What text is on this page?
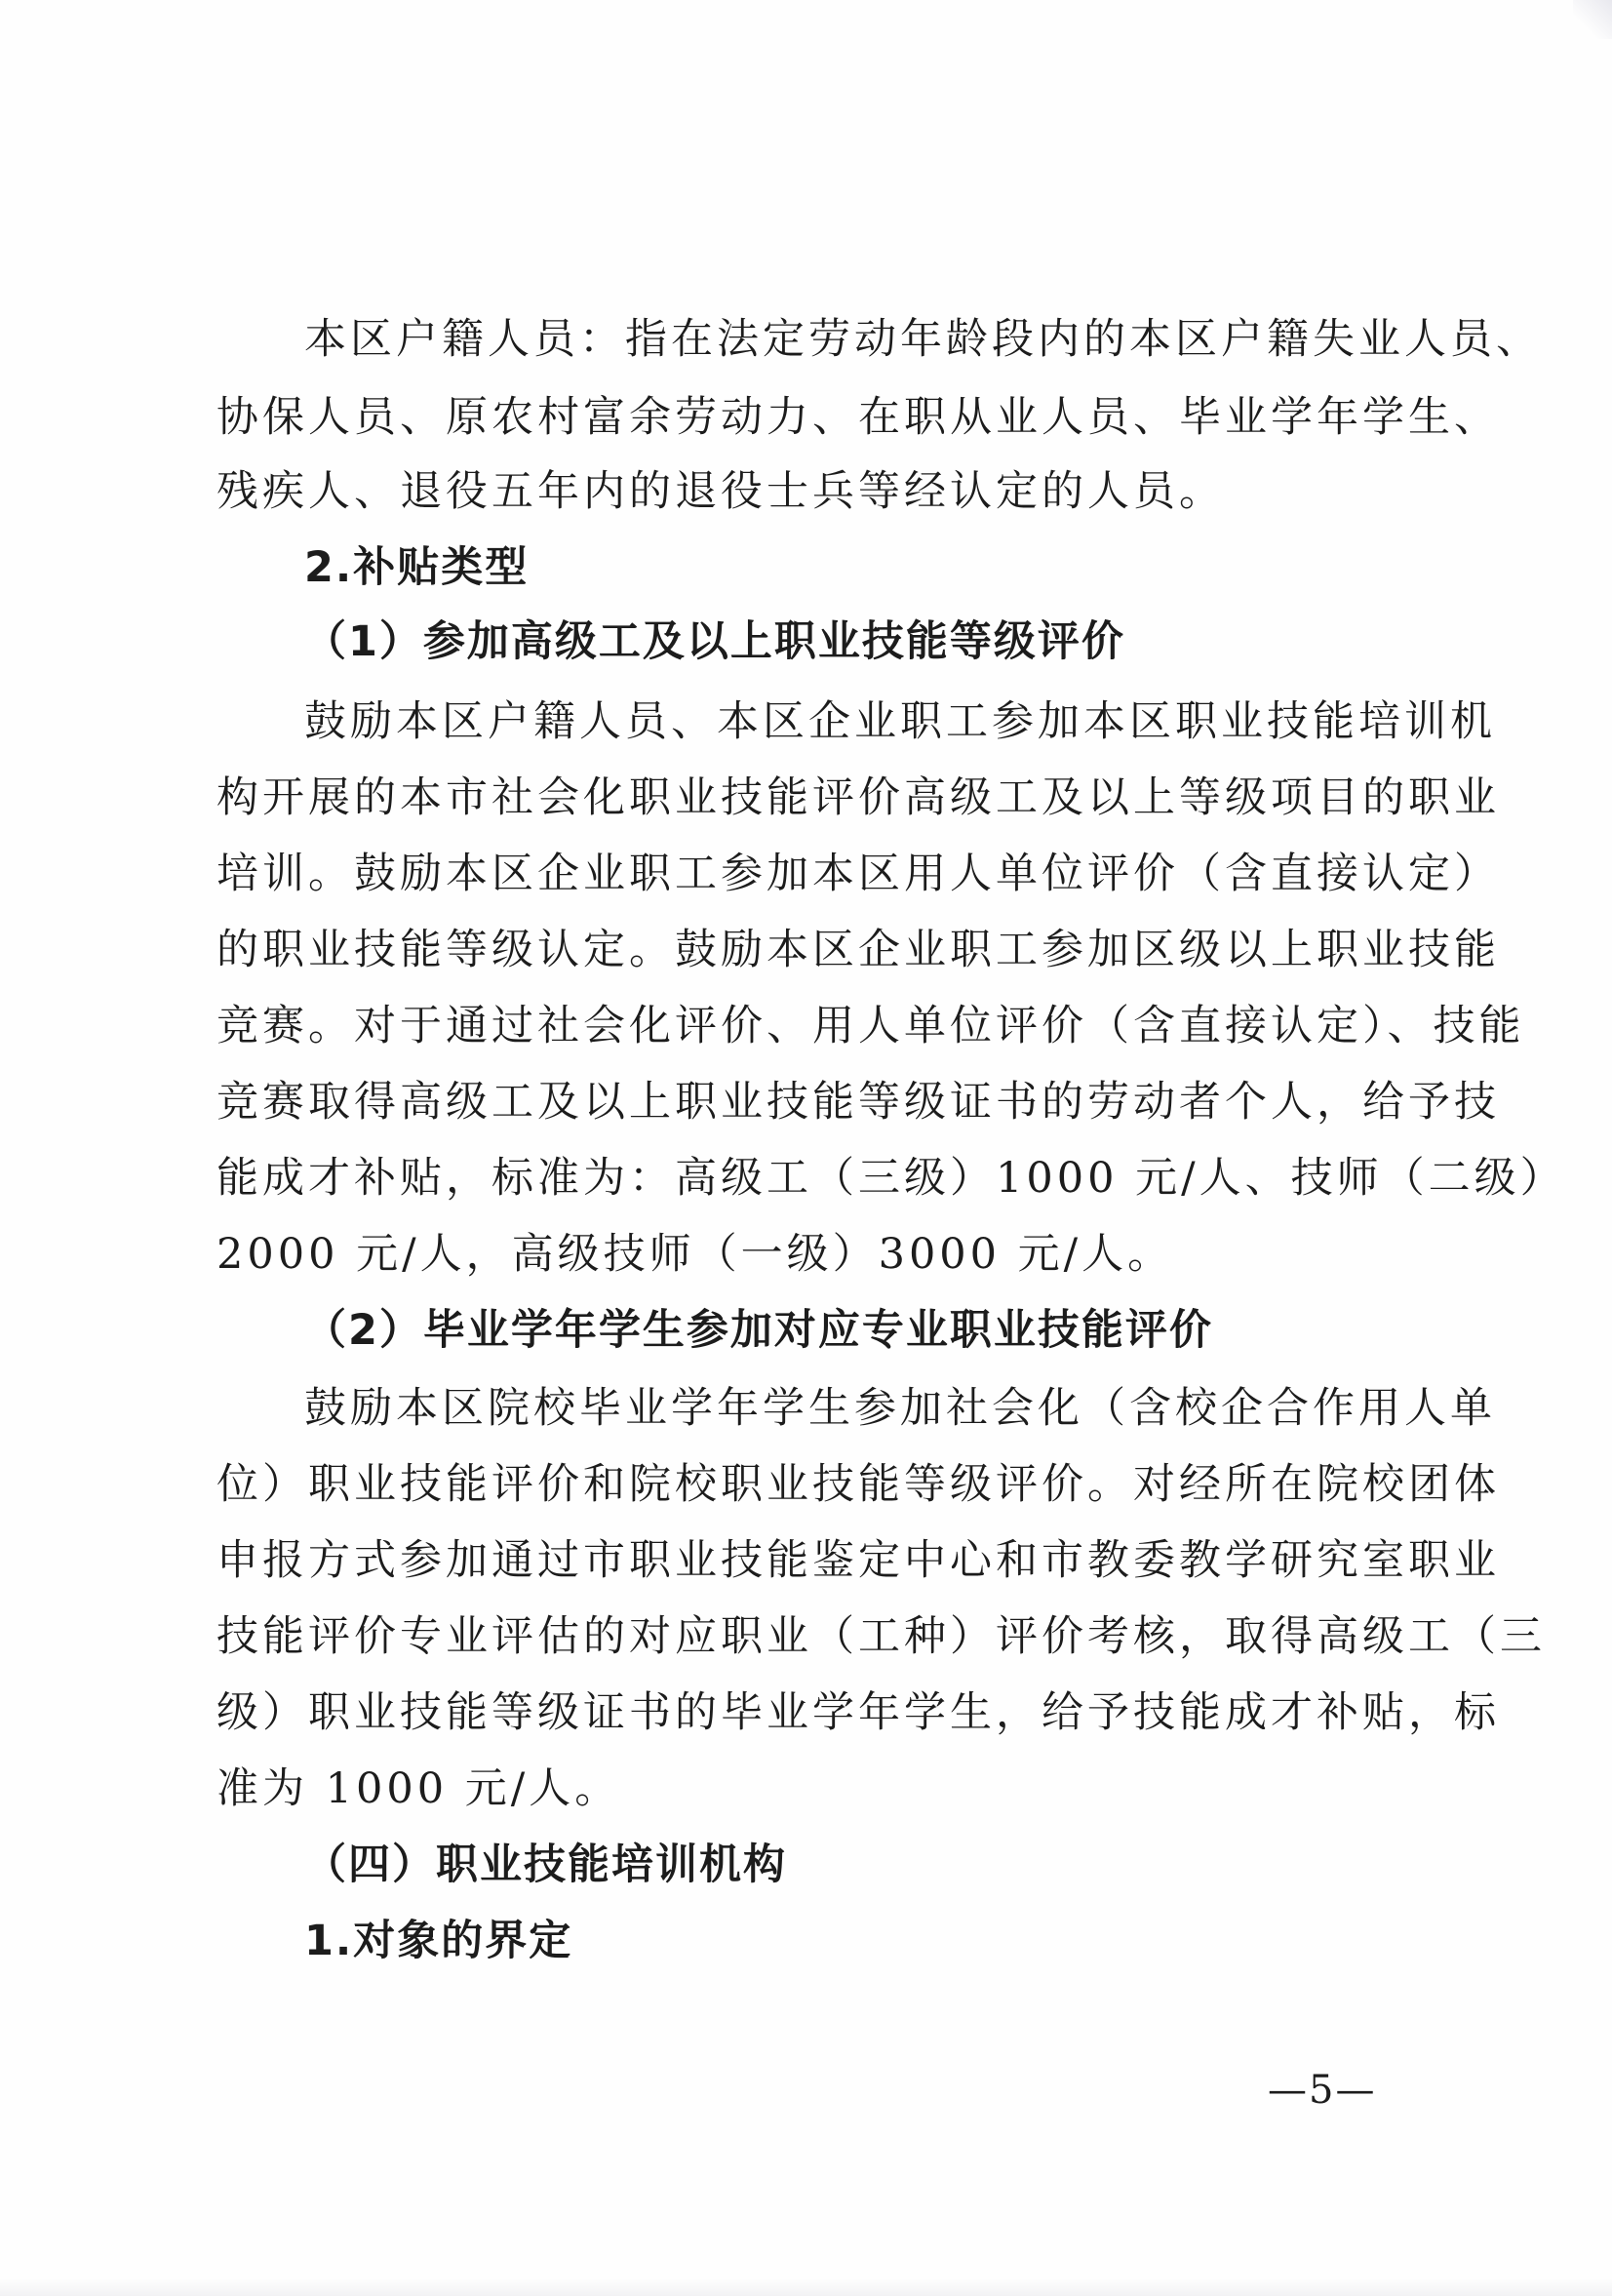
本区户籍人员：指在法定劳动年龄段内的本区户籍失业人员、
协保人员、原农村富余劳动力、在职从业人员、毕业学年学生、
残疾人、退役五年内的退役士兵等经认定的人员。
2.补贴类型
（1）参加高级工及以上职业技能等级评价
鼓励本区户籍人员、本区企业职工参加本区职业技能培训机
构开展的本市社会化职业技能评价高级工及以上等级项目的职业
培训。鼓励本区企业职工参加本区用人单位评价（含直接认定）
的职业技能等级认定。鼓励本区企业职工参加区级以上职业技能
竞赛。对于通过社会化评价、用人单位评价（含直接认定）、技能
竞赛取得高级工及以上职业技能等级证书的劳动者个人，给予技
能成才补贴，标准为：高级工（三级）1000 元/人、技师（二级）
2000 元/人，高级技师（一级）3000 元/人。
（2）毕业学年学生参加对应专业职业技能评价
鼓励本区院校毕业学年学生参加社会化（含校企合作用人单
位）职业技能评价和院校职业技能等级评价。对经所在院校团体
申报方式参加通过市职业技能鉴定中心和市教委教学研究室职业
技能评价专业评估的对应职业（工种）评价考核，取得高级工（三
级）职业技能等级证书的毕业学年学生，给予技能成才补贴，标
准为 1000 元/人。
（四）职业技能培训机构
1.对象的界定
—5—
